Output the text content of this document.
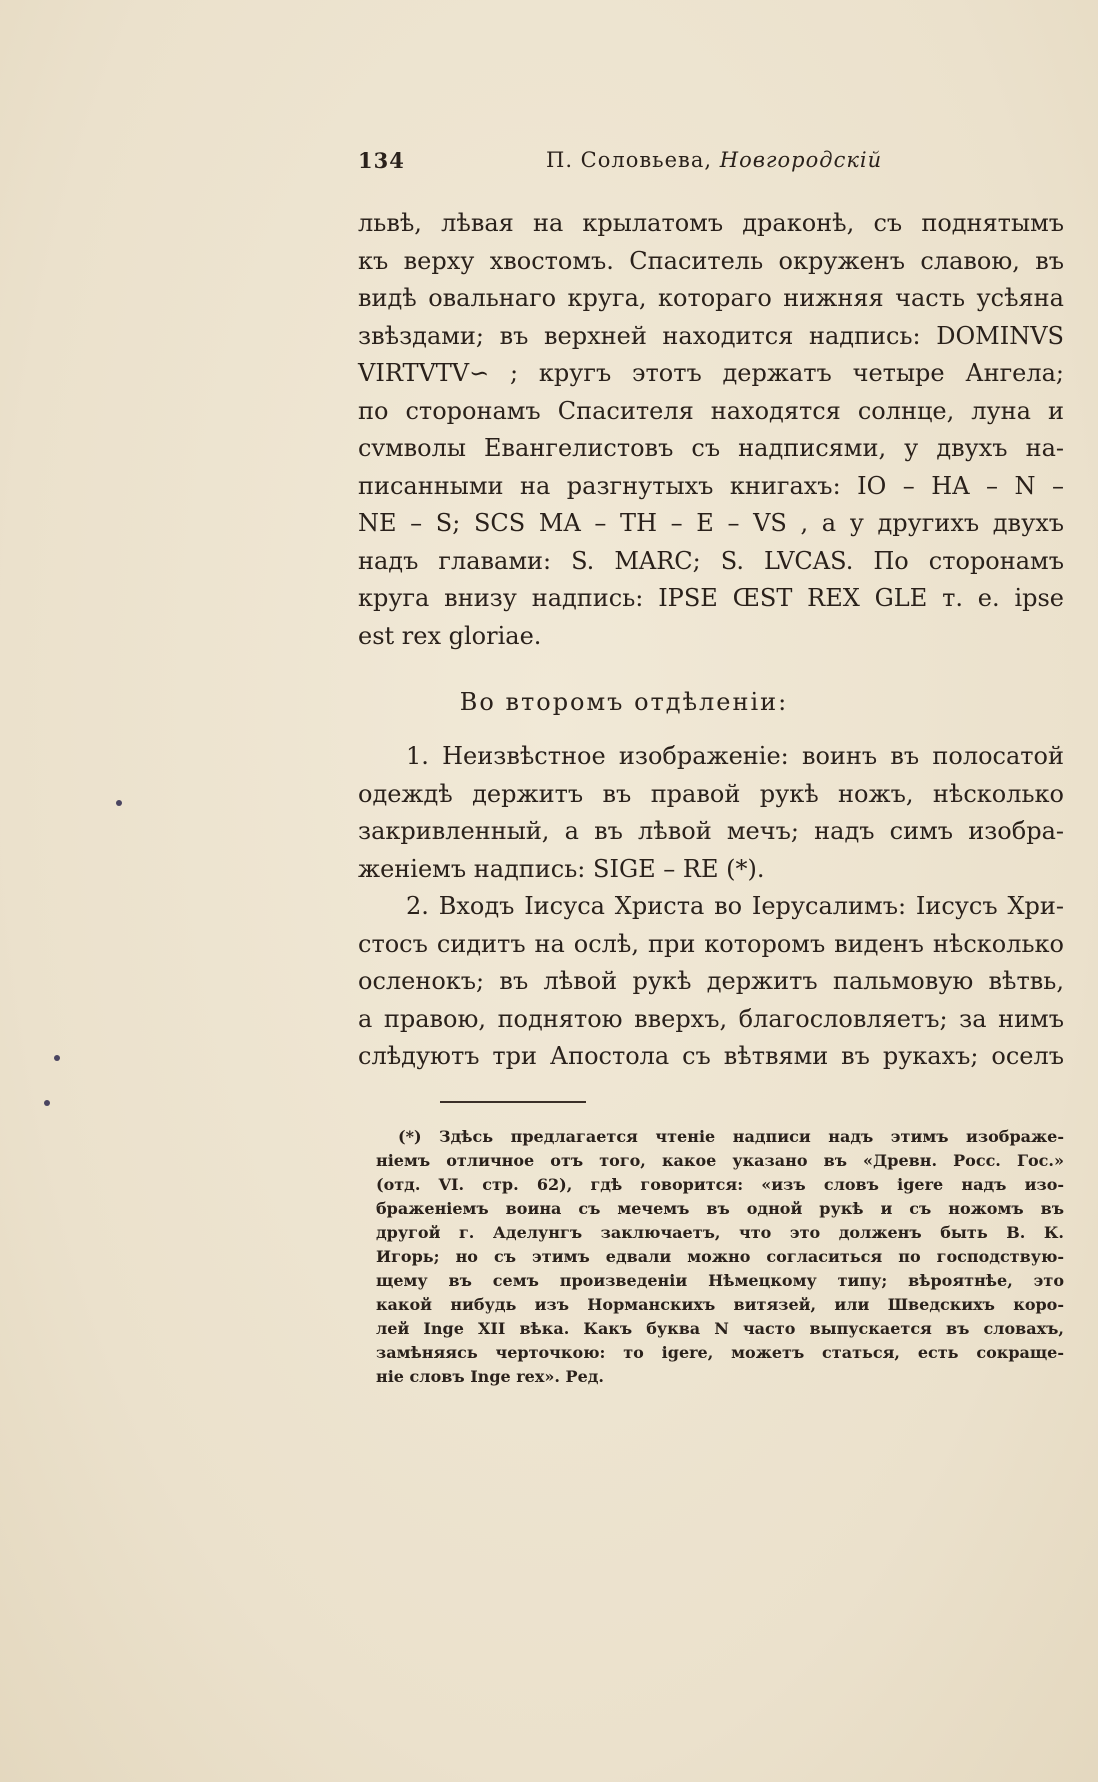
134	П. Соловьева, Новгородскій
львѣ, лѣвая на крылатомъ драконѣ, съ поднятымъ
къ верху хвостомъ. Спаситель окруженъ славою, въ
видѣ овальнаго круга, котораго нижняя часть усѣяна
звѣздами; въ верхней находится надпись: DOMINVS
VIRTVTV∽ ; кругъ этотъ держатъ четыре Ангела;
по сторонамъ Спасителя находятся солнце, луна и
сvмволы Евангелистовъ съ надписями, у двухъ на-
писанными на разгнутыхъ книгахъ: IO – HA – N –
NE – S; SCS MA – TH – E – VS , а у другихъ двухъ
надъ главами: S. MARC; S. LVCAS. По сторонамъ
круга внизу надпись: IPSE ŒST REX GLE т. е. ipse
est rex gloriae.
Во второмъ отдѣленіи:
1. Неизвѣстное изображеніе: воинъ въ полосатой
одеждѣ держитъ въ правой рукѣ ножъ, нѣсколько
закривленный, а въ лѣвой мечъ; надъ симъ изобра-
женіемъ надпись: SIGE – RE (*).
2. Входъ Іисуса Христа во Іерусалимъ: Іисусъ Хри-
стосъ сидитъ на ослѣ, при которомъ виденъ нѣсколько
осленокъ; въ лѣвой рукѣ держитъ пальмовую вѣтвь,
а правою, поднятою вверхъ, благословляетъ; за нимъ
слѣдуютъ три Апостола съ вѣтвями въ рукахъ; оселъ
(*) Здѣсь предлагается чтеніе надписи надъ этимъ изображе-
ніемъ отличное отъ того, какое указано въ «Древн. Росс. Гос.»
(отд. VI. стр. 62), гдѣ говорится: «изъ словъ igere надъ изо-
браженіемъ воина съ мечемъ въ одной рукѣ и съ ножомъ въ
другой г. Аделунгъ заключаетъ, что это долженъ быть В. К.
Игорь; но съ этимъ едвали можно согласиться по господствую-
щему въ семъ произведеніи Нѣмецкому типу; вѣроятнѣе, это
какой нибудь изъ Норманскихъ витязей, или Шведскихъ коро-
лей Inge XII вѣка. Какъ буква N часто выпускается въ словахъ,
замѣняясь черточкою: то igere, можетъ статься, есть сокраще-
ніе словъ Inge rex». Ред.
